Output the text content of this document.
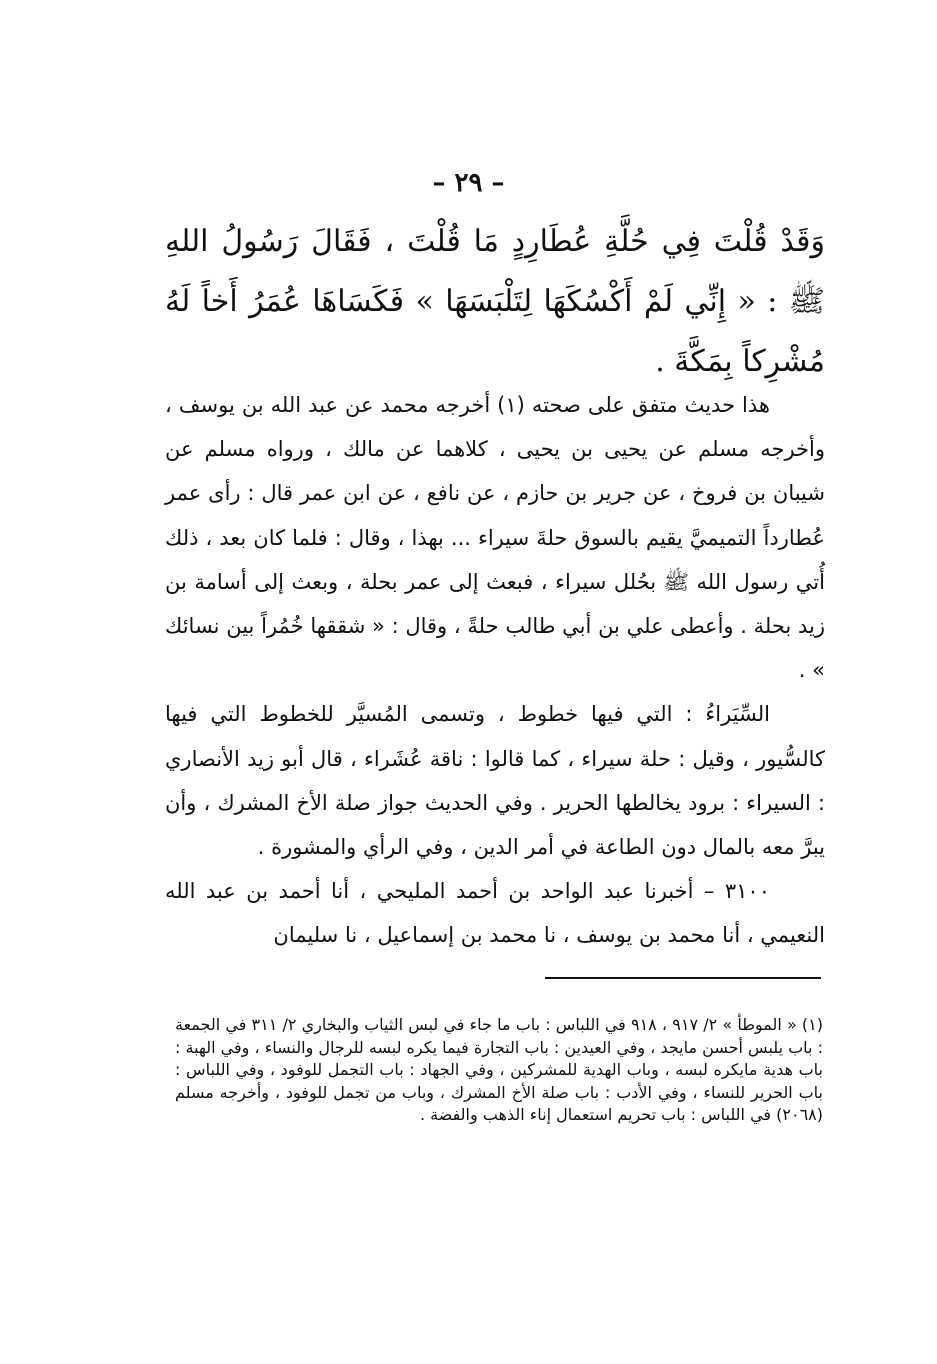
– ٢٩ –
وَقَدْ قُلْتَ فِي حُلَّةِ عُطَارِدٍ مَا قُلْتَ ، فَقَالَ رَسُولُ اللهِ ﷺ : « إِنِّي لَمْ أَكْسُكَهَا لِتَلْبَسَهَا » فَكَسَاهَا عُمَرُ أَخاً لَهُ مُشْرِكاً بِمَكَّةَ .

هذا حديث متفق على صحته (١) أخرجه محمد عن عبد الله بن يوسف ، وأخرجه مسلم عن يحيى بن يحيى ، كلاهما عن مالك ، ورواه مسلم عن شيبان بن فروخ ، عن جرير بن حازم ، عن نافع ، عن ابن عمر قال : رأى عمر عُطارداً التميميَّ يقيم بالسوق حلةَ سيراء ... بهذا ، وقال : فلما كان بعد ، ذلك أُتي رسول الله ﷺ بحُلل سيراء ، فبعث إلى عمر بحلة ، وبعث إلى أسامة بن زيد بحلة . وأعطى علي بن أبي طالب حلةً ، وقال : « شققها خُمُراً بين نسائك » .

السِّيَراءُ : التي فيها خطوط ، وتسمى المُسيَّر للخطوط التي فيها كالسُّيور ، وقيل : حلة سيراء ، كما قالوا : ناقة عُشَراء ، قال أبو زيد الأنصاري : السيراء : برود يخالطها الحرير . وفي الحديث جواز صلة الأخ المشرك ، وأن يبرَّ معه بالمال دون الطاعة في أمر الدين ، وفي الرأي والمشورة .

٣١٠٠ – أخبرنا عبد الواحد بن أحمد المليحي ، أنا أحمد بن عبد الله النعيمي ، أنا محمد بن يوسف ، نا محمد بن إسماعيل ، نا سليمان

(١) « الموطأ » ٢/ ٩١٧ ، ٩١٨ في اللباس : باب ما جاء في لبس الثياب والبخاري ٢/ ٣١١ في الجمعة : باب يلبس أحسن مايجد ، وفي العيدين : باب التجارة فيما يكره لبسه للرجال والنساء ، وفي الهبة : باب هدية مايكره لبسه ، وباب الهدية للمشركين ، وفي الجهاد : باب التجمل للوفود ، وفي اللباس : باب الحرير للنساء ، وفي الأدب : باب صلة الأخ المشرك ، وباب من تجمل للوفود ، وأخرجه مسلم (٢٠٦٨) في اللباس : باب تحريم استعمال إناء الذهب والفضة .
